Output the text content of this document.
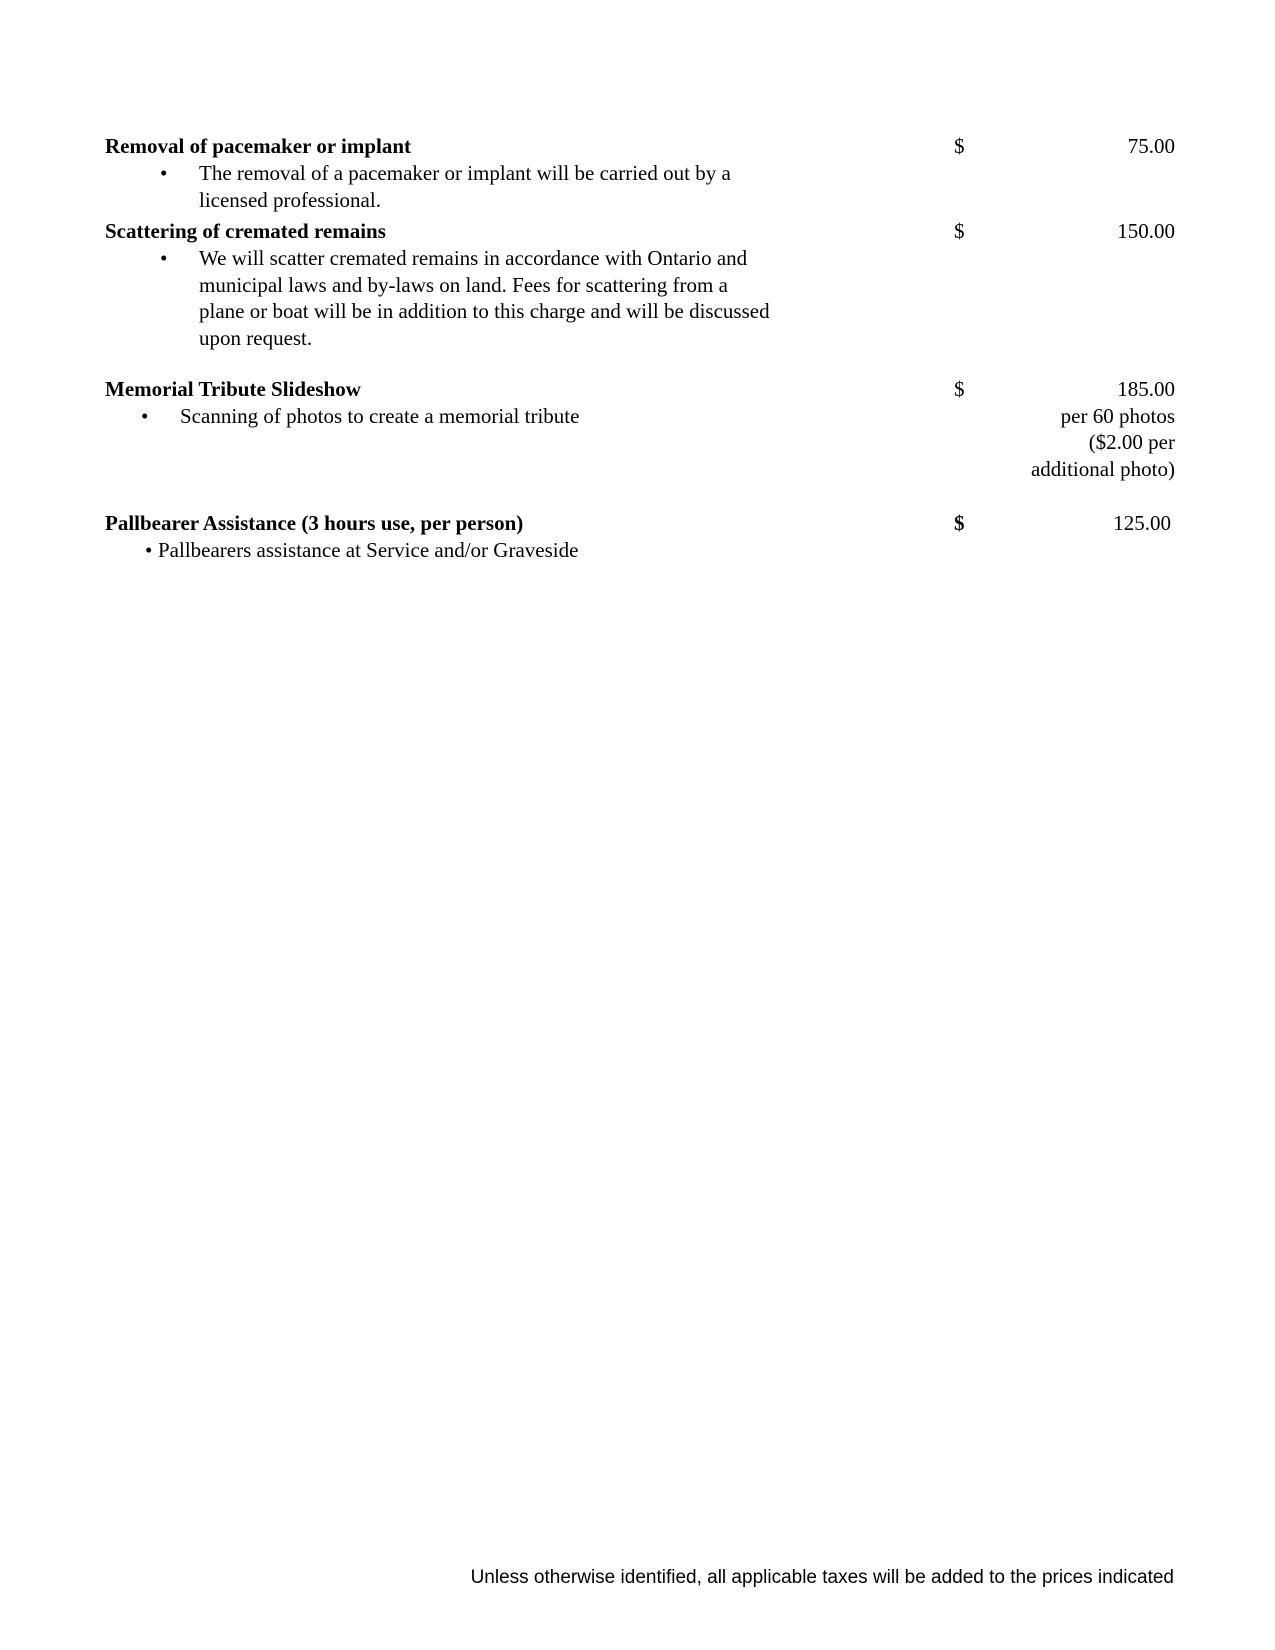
Removal of pacemaker or implant	$	75.00
• The removal of a pacemaker or implant will be carried out by a licensed professional.
Scattering of cremated remains	$	150.00
• We will scatter cremated remains in accordance with Ontario and municipal laws and by-laws on land. Fees for scattering from a plane or boat will be in addition to this charge and will be discussed upon request.
Memorial Tribute Slideshow	$	185.00
per 60 photos
($2.00 per
additional photo)
• Scanning of photos to create a memorial tribute
Pallbearer Assistance (3 hours use, per person)	$	125.00
• Pallbearers assistance at Service and/or Graveside
Unless otherwise identified, all applicable taxes will be added to the prices indicated
